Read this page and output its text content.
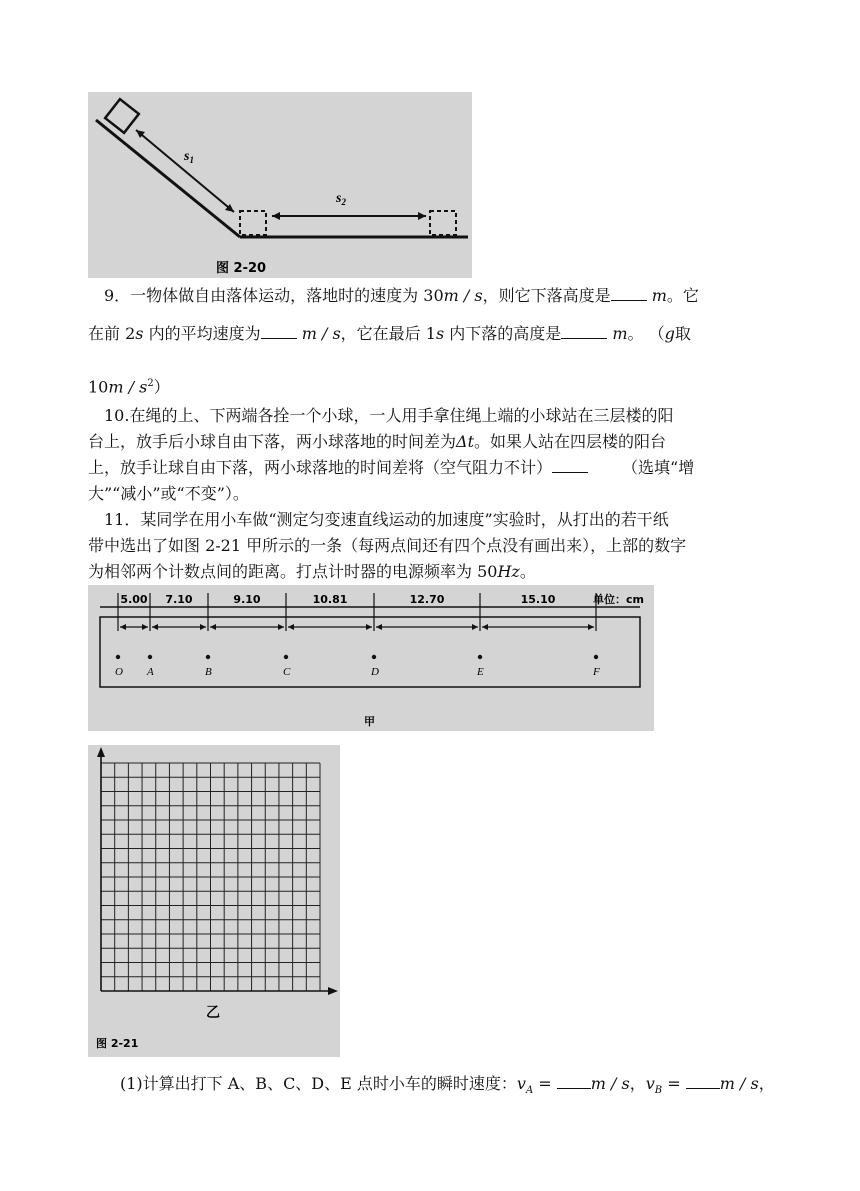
$s_1$
$s_2$
图 2-20
9．一物体做自由落体运动，落地时的速度为 30m / s，则它下落高度是	m。它
在前 2s 内的平均速度为	m / s，它在最后 1s 内下落的高度是	m。 （g取
$10m / s^2$）
10.在绳的上、下两端各拴一个小球，一人用手拿住绳上端的小球站在三层楼的阳
台上，放手后小球自由下落，两小球落地的时间差为Δt。如果人站在四层楼的阳台
上，放手让球自由下落，两小球落地的时间差将（空气阻力不计）	（选填“增
大”“减小”或“不变”）。
11．某同学在用小车做“测定匀变速直线运动的加速度”实验时，从打出的若干纸
带中选出了如图 2-21 甲所示的一条（每两点间还有四个点没有画出来），上部的数字
为相邻两个计数点间的距离。打点计时器的电源频率为 50Hz。
O A	B	C	D	E	F
5.00 7.10	9.10	10.81	12.70	15.10	单位：cm
甲
乙
图 2-21
(1)计算出打下 A、B、C、D、E 点时小车的瞬时速度：$v_A = m / s$，$v_B = m / s$，
